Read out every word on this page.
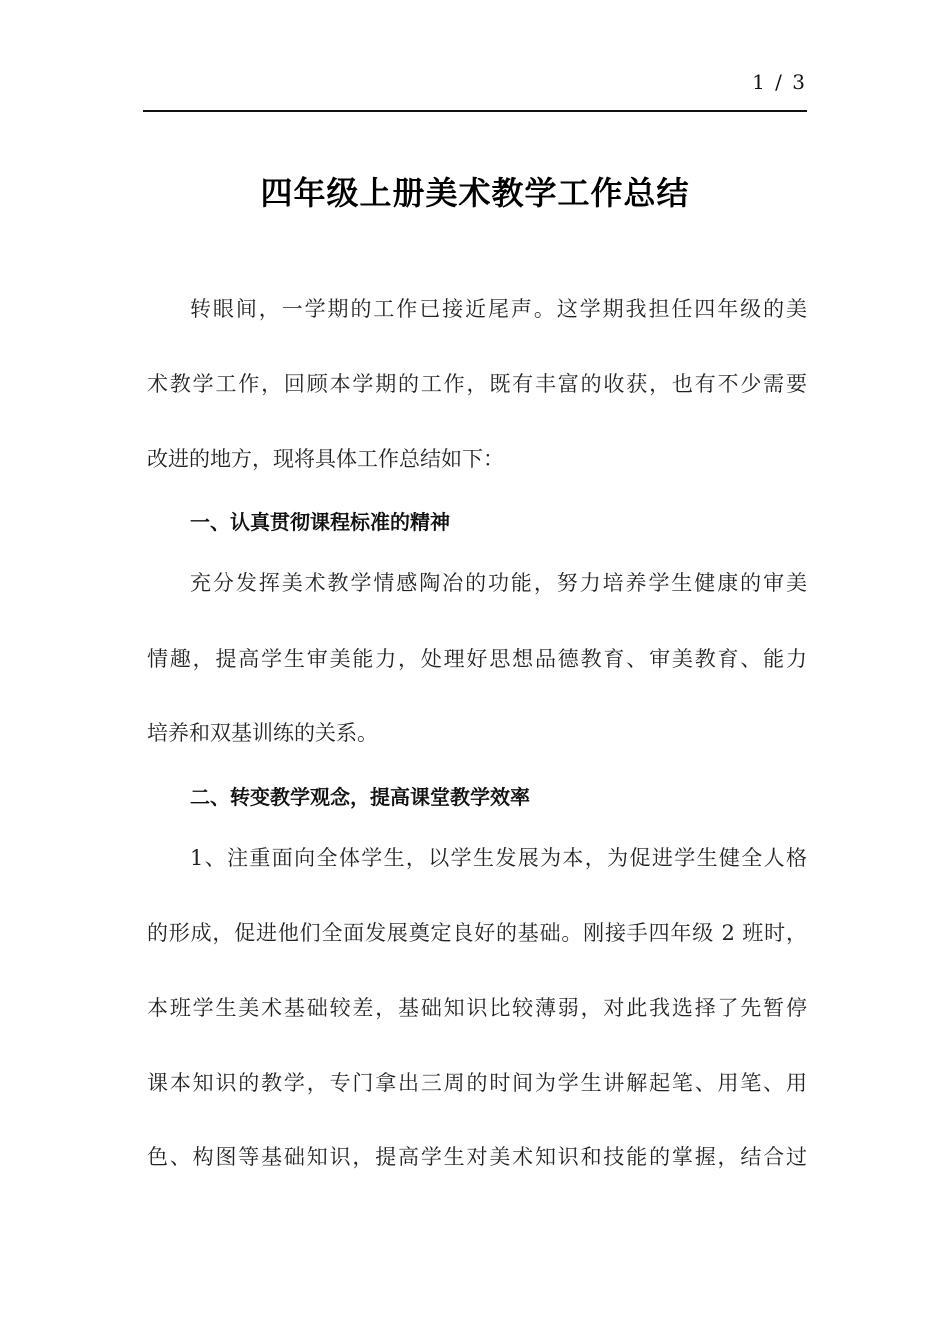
1 / 3
四年级上册美术教学工作总结
转眼间，一学期的工作已接近尾声。这学期我担任四年级的美
术教学工作，回顾本学期的工作，既有丰富的收获，也有不少需要
改进的地方，现将具体工作总结如下：
一、认真贯彻课程标准的精神
充分发挥美术教学情感陶冶的功能，努力培养学生健康的审美
情趣，提高学生审美能力，处理好思想品德教育、审美教育、能力
培养和双基训练的关系。
二、转变教学观念，提高课堂教学效率
1、注重面向全体学生，以学生发展为本，为促进学生健全人格
的形成，促进他们全面发展奠定良好的基础。刚接手四年级 2 班时，
本班学生美术基础较差，基础知识比较薄弱，对此我选择了先暂停
课本知识的教学，专门拿出三周的时间为学生讲解起笔、用笔、用
色、构图等基础知识，提高学生对美术知识和技能的掌握，结合过
